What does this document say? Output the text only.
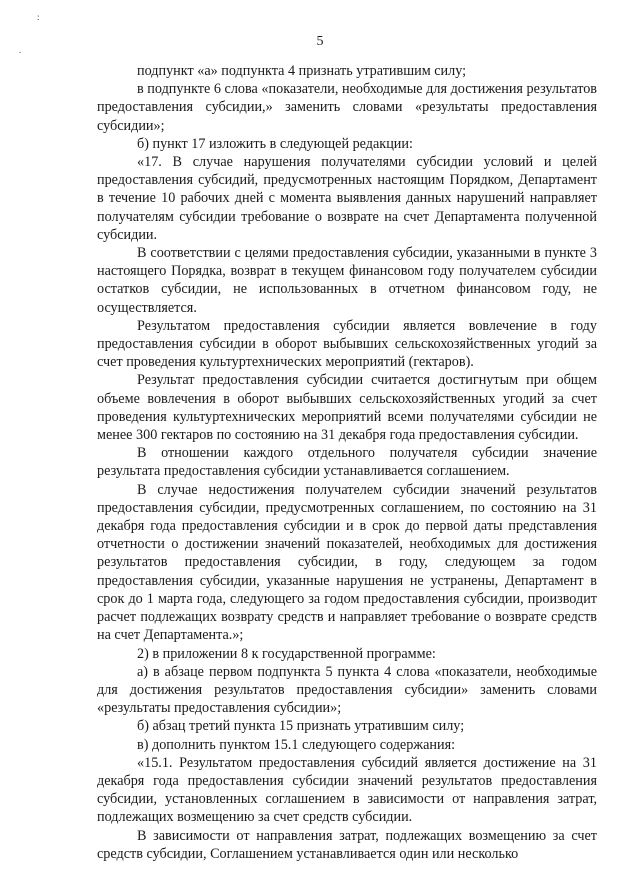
:
.
5

подпункт «а» подпункта 4 признать утратившим силу;

в подпункте 6 слова «показатели, необходимые для достижения результатов предоставления субсидии,» заменить словами «результаты предоставления субсидии»;

б) пункт 17 изложить в следующей редакции:

«17. В случае нарушения получателями субсидии условий и целей предоставления субсидий, предусмотренных настоящим Порядком, Департамент в течение 10 рабочих дней с момента выявления данных нарушений направляет получателям субсидии требование о возврате на счет Департамента полученной субсидии.

В соответствии с целями предоставления субсидии, указанными в пункте 3 настоящего Порядка, возврат в текущем финансовом году получателем субсидии остатков субсидии, не использованных в отчетном финансовом году, не осуществляется.

Результатом предоставления субсидии является вовлечение в году предоставления субсидии в оборот выбывших сельскохозяйственных угодий за счет проведения культуртехнических мероприятий (гектаров).

Результат предоставления субсидии считается достигнутым при общем объеме вовлечения в оборот выбывших сельскохозяйственных угодий за счет проведения культуртехнических мероприятий всеми получателями субсидии не менее 300 гектаров по состоянию на 31 декабря года предоставления субсидии.

В отношении каждого отдельного получателя субсидии значение результата предоставления субсидии устанавливается соглашением.

В случае недостижения получателем субсидии значений результатов предоставления субсидии, предусмотренных соглашением, по состоянию на 31 декабря года предоставления субсидии и в срок до первой даты представления отчетности о достижении значений показателей, необходимых для достижения результатов предоставления субсидии, в году, следующем за годом предоставления субсидии, указанные нарушения не устранены, Департамент в срок до 1 марта года, следующего за годом предоставления субсидии, производит расчет подлежащих возврату средств и направляет требование о возврате средств на счет Департамента.»;

2) в приложении 8 к государственной программе:

а) в абзаце первом подпункта 5 пункта 4 слова «показатели, необходимые для достижения результатов предоставления субсидии» заменить словами «результаты предоставления субсидии»;

б) абзац третий пункта 15 признать утратившим силу;

в) дополнить пунктом 15.1 следующего содержания:

«15.1. Результатом предоставления субсидий является достижение на 31 декабря года предоставления субсидии значений результатов предоставления субсидии, установленных соглашением в зависимости от направления затрат, подлежащих возмещению за счет средств субсидии.

В зависимости от направления затрат, подлежащих возмещению за счет средств субсидии, Соглашением устанавливается один или несколько
